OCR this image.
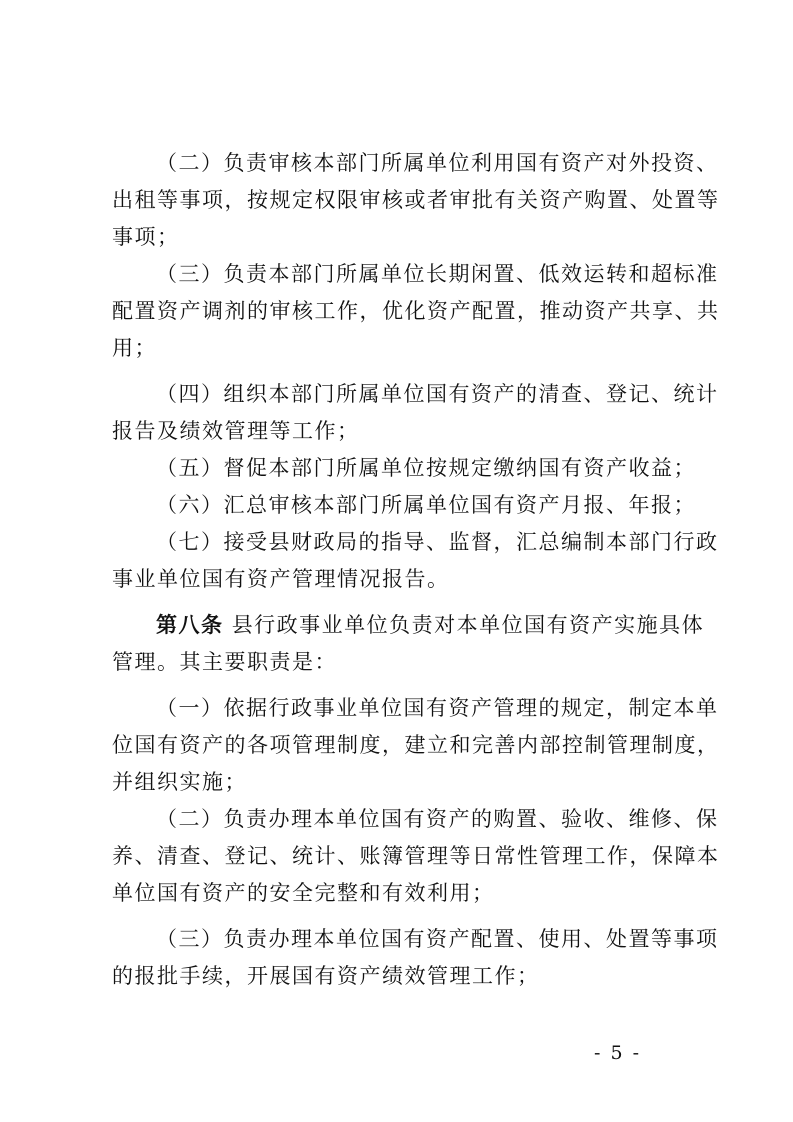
（二）负责审核本部门所属单位利用国有资产对外投资、
出租等事项，按规定权限审核或者审批有关资产购置、处置等
事项；
（三）负责本部门所属单位长期闲置、低效运转和超标准
配置资产调剂的审核工作，优化资产配置，推动资产共享、共
用；
（四）组织本部门所属单位国有资产的清查、登记、统计
报告及绩效管理等工作；
（五）督促本部门所属单位按规定缴纳国有资产收益；
（六）汇总审核本部门所属单位国有资产月报、年报；
（七）接受县财政局的指导、监督，汇总编制本部门行政
事业单位国有资产管理情况报告。
第八条 县行政事业单位负责对本单位国有资产实施具体
管理。其主要职责是：
（一）依据行政事业单位国有资产管理的规定，制定本单
位国有资产的各项管理制度，建立和完善内部控制管理制度，
并组织实施；
（二）负责办理本单位国有资产的购置、验收、维修、保
养、清查、登记、统计、账簿管理等日常性管理工作，保障本
单位国有资产的安全完整和有效利用；
（三）负责办理本单位国有资产配置、使用、处置等事项
的报批手续，开展国有资产绩效管理工作；
- 5 -
